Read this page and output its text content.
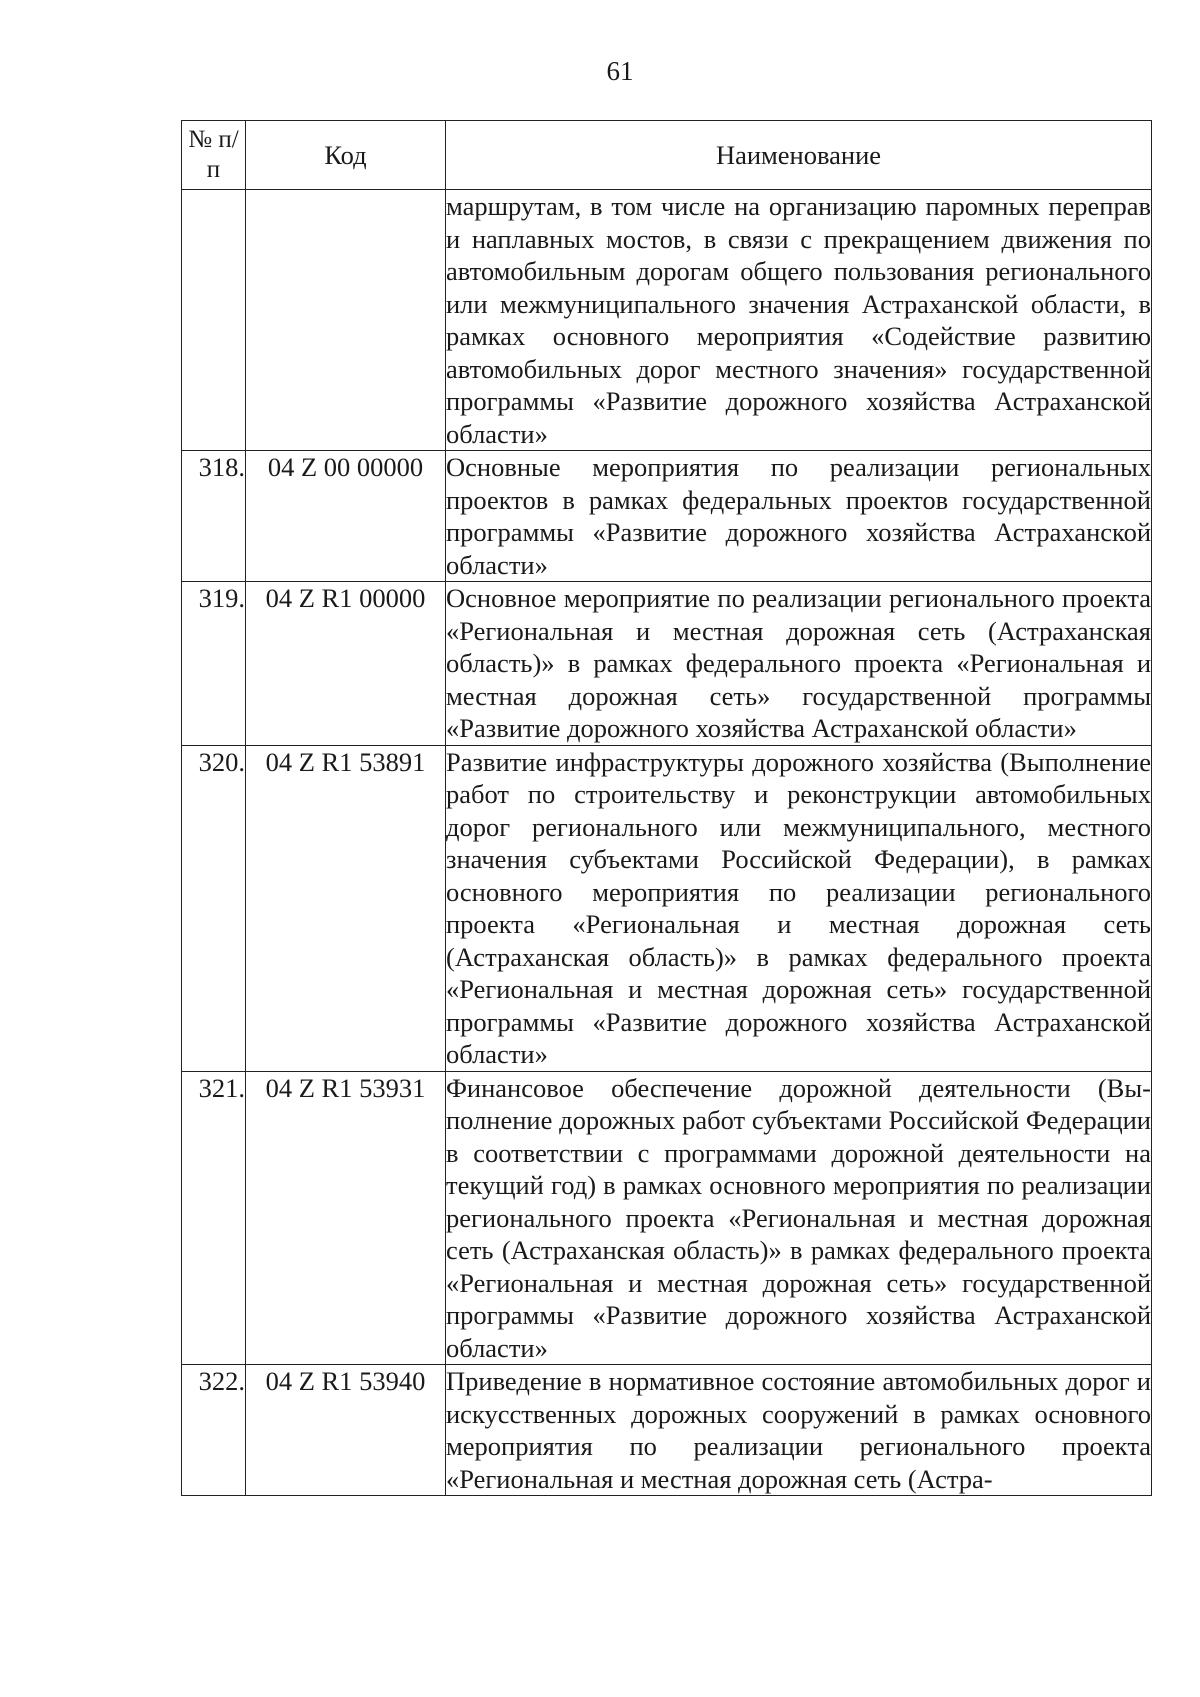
61
№ п/п	Код	Наименование
		маршрутам, в том числе на организацию паромных переправ и наплавных мостов, в связи с прекращением движения по автомобильным дорогам общего пользования регионального или межмуниципального значения Астраханской области, в рамках основного мероприятия «Содействие развитию автомобильных дорог местного значения» государственной программы «Развитие дорожного хозяйства Астраханской области»
318.	04 Z 00 00000	Основные мероприятия по реализации региональных проектов в рамках федеральных проектов государственной программы «Развитие дорожного хозяйства Астраханской области»
319.	04 Z R1 00000	Основное мероприятие по реализации регионального проекта «Региональная и местная дорожная сеть (Астраханская область)» в рамках федерального проекта «Региональная и местная дорожная сеть» государственной программы «Развитие дорожного хозяйства Астраханской области»
320.	04 Z R1 53891	Развитие инфраструктуры дорожного хозяйства (Выполнение работ по строительству и реконструкции автомобильных дорог регионального или межмуниципального, местного значения субъектами Российской Федерации), в рамках основного мероприятия по реализации регионального проекта «Региональная и местная дорожная сеть (Астраханская область)» в рамках федерального проекта «Региональная и местная дорожная сеть» государственной программы «Развитие дорожного хозяйства Астраханской области»
321.	04 Z R1 53931	Финансовое обеспечение дорожной деятельности (Выполнение дорожных работ субъектами Российской Федерации в соответствии с программами дорожной деятельности на текущий год) в рамках основного мероприятия по реализации регионального проекта «Региональная и местная дорожная сеть (Астраханская область)» в рамках федерального проекта «Региональная и местная дорожная сеть» государственной программы «Развитие дорожного хозяйства Астраханской области»
322.	04 Z R1 53940	Приведение в нормативное состояние автомобильных дорог и искусственных дорожных сооружений в рамках основного мероприятия по реализации регионального проекта «Региональная и местная дорожная сеть (Астра-
